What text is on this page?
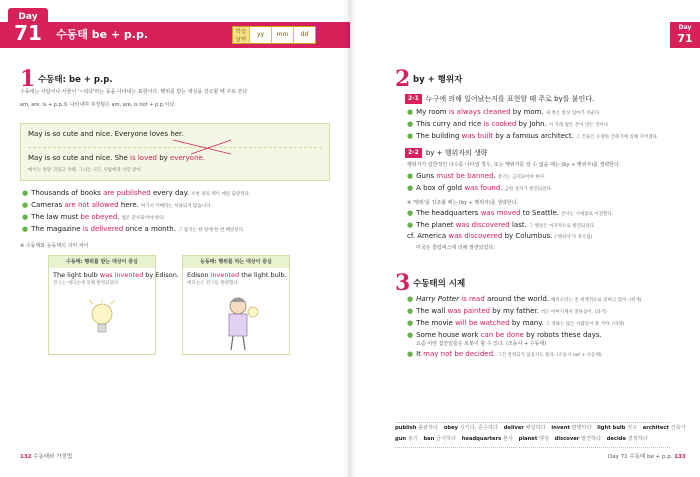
Day
71	수동태 be + p.p.	학습 날짜
yy	mm	dd
1 수동태: be + p.p.
수동태는 사람이나 사물이 '~되다'라는 동을 나타내는 표현이다. 행위를 받는 대상을 강조할 때 주로 쓴다.
am, are, is + p.p.로 나타내며 부정형은 am, are, is not + p.p.이다.
May is so cute and nice. Everyone loves her.
May is so cute and nice. She is loved by everyone.
메이는 정말 귀엽고 착해. 그녀는 모든 사람에게 사랑 받아.
● Thousands of books are published every day. 수천 권의 책이 매일 출판된다.
● Cameras are not allowed here. 여기서 카메라는 허용되지 않습니다.
● The law must be obeyed. 법은 준수되어야 한다.
● The magazine is delivered once a month. 그 잡지는 한 달에 한 번 배달된다.
※ 수동태와 능동태의 의미 차이
수동태: 행위를 받는 대상이 중심
The light bulb was invented by Edison.
전구는 에디슨에 의해 발명되었다.
능동태: 행위를 하는 대상이 중심
Edison invented the light bulb.
에디슨은 전구를 발명했다.
132 수동태와 가정법
Day
71
2 by + 행위자
2-1	누구에 의해 일어났는지를 표현할 때 주로 by를 붙인다.
● My room is always cleaned by mom. 내 방은 항상 엄마가 치운다.
● This curry and rice is cooked by John. 이 카레 밥은 존이 만든 것이다.
● The building was built by a famous architect. 그 건물은 유명한 건축가에 의해 지어졌다.
2-2	by + 행위자의 생략
행위자가 일반적인 다수를 나타낼 경우, 또는 행위자를 알 수 없을 때는 (by + 행위자)를 생략한다.
● Guns must be banned. 총기는 금지되어야 한다.
● A box of gold was found. 금한 상자가 발견되었다.
※ '행위'를 강조할 때는 (by + 행위자)를 생략한다.
● The headquarters was moved to Seattle. 본사는 시애틀로 이전했다.
● The planet was discovered last. 그 행성은 마지막으로 발견되었다.
cf. America was discovered by Columbus. ('행위자'가 강조됨)
미국은 콜럼버스에 의해 발견되었다.
3 수동태의 시제
● Harry Potter is read around the world. 해리포터는 전 세계적으로 읽혀고 있어. (현재)
● The wall was painted by my father. 벽은 아버지께서 칠하셨어. (과거)
● The movie will be watched by many. 그 영화는 많은 사람들이 볼 거야. (미래)
● Some house work can be done by robots these days.
요즘 어떤 집안일들은 로봇이 할 수 있다. (조동사 + 수동태)
● It may not be decided. 그건 결정되지 않을지도 몰라. (조동사 not + 수동태)
publish 출판하다 obey 지키다, 준수하다 deliver 배달하다 invent 발명하다 light bulb 전구 architect 건축가
gun 총기 ban 금지하다 headquarters 본사 planet 행성 discover 발견하다 decide 결정하다
Day 71 수동태 be + p.p. 133
